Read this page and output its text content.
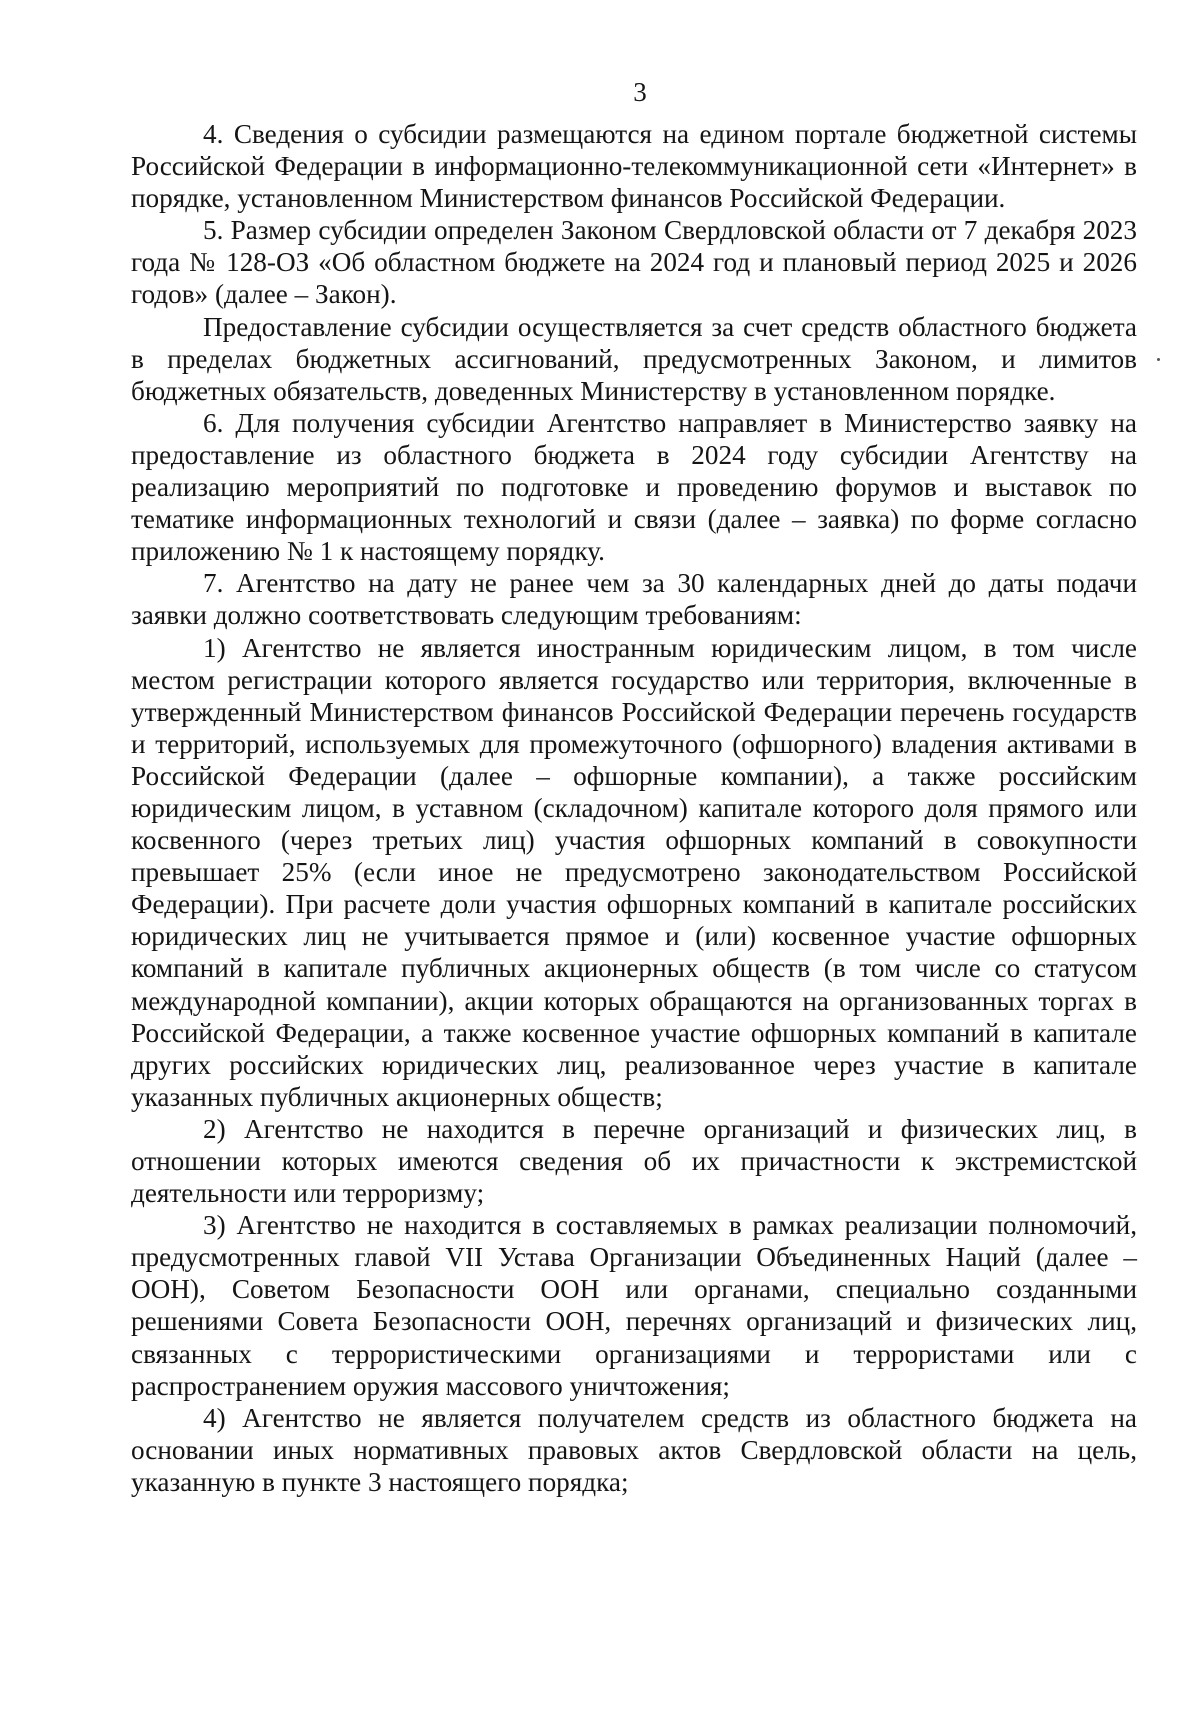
3

4. Сведения о субсидии размещаются на едином портале бюджетной системы Российской Федерации в информационно-телекоммуникационной сети «Интернет» в порядке, установленном Министерством финансов Российской Федерации.

5. Размер субсидии определен Законом Свердловской области от 7 декабря 2023 года № 128-ОЗ «Об областном бюджете на 2024 год и плановый период 2025 и 2026 годов» (далее – Закон).

Предоставление субсидии осуществляется за счет средств областного бюджета в пределах бюджетных ассигнований, предусмотренных Законом, и лимитов бюджетных обязательств, доведенных Министерству в установленном порядке.

6. Для получения субсидии Агентство направляет в Министерство заявку на предоставление из областного бюджета в 2024 году субсидии Агентству на реализацию мероприятий по подготовке и проведению форумов и выставок по тематике информационных технологий и связи (далее – заявка) по форме согласно приложению № 1 к настоящему порядку.

7. Агентство на дату не ранее чем за 30 календарных дней до даты подачи заявки должно соответствовать следующим требованиям:

1) Агентство не является иностранным юридическим лицом, в том числе местом регистрации которого является государство или территория, включенные в утвержденный Министерством финансов Российской Федерации перечень государств и территорий, используемых для промежуточного (офшорного) владения активами в Российской Федерации (далее – офшорные компании), а также российским юридическим лицом, в уставном (складочном) капитале которого доля прямого или косвенного (через третьих лиц) участия офшорных компаний в совокупности превышает 25% (если иное не предусмотрено законодательством Российской Федерации). При расчете доли участия офшорных компаний в капитале российских юридических лиц не учитывается прямое и (или) косвенное участие офшорных компаний в капитале публичных акционерных обществ (в том числе со статусом международной компании), акции которых обращаются на организованных торгах в Российской Федерации, а также косвенное участие офшорных компаний в капитале других российских юридических лиц, реализованное через участие в капитале указанных публичных акционерных обществ;

2) Агентство не находится в перечне организаций и физических лиц, в отношении которых имеются сведения об их причастности к экстремистской деятельности или терроризму;

3) Агентство не находится в составляемых в рамках реализации полномочий, предусмотренных главой VII Устава Организации Объединенных Наций (далее – ООН), Советом Безопасности ООН или органами, специально созданными решениями Совета Безопасности ООН, перечнях организаций и физических лиц, связанных с террористическими организациями и террористами или с распространением оружия массового уничтожения;

4) Агентство не является получателем средств из областного бюджета на основании иных нормативных правовых актов Свердловской области на цель, указанную в пункте 3 настоящего порядка;
